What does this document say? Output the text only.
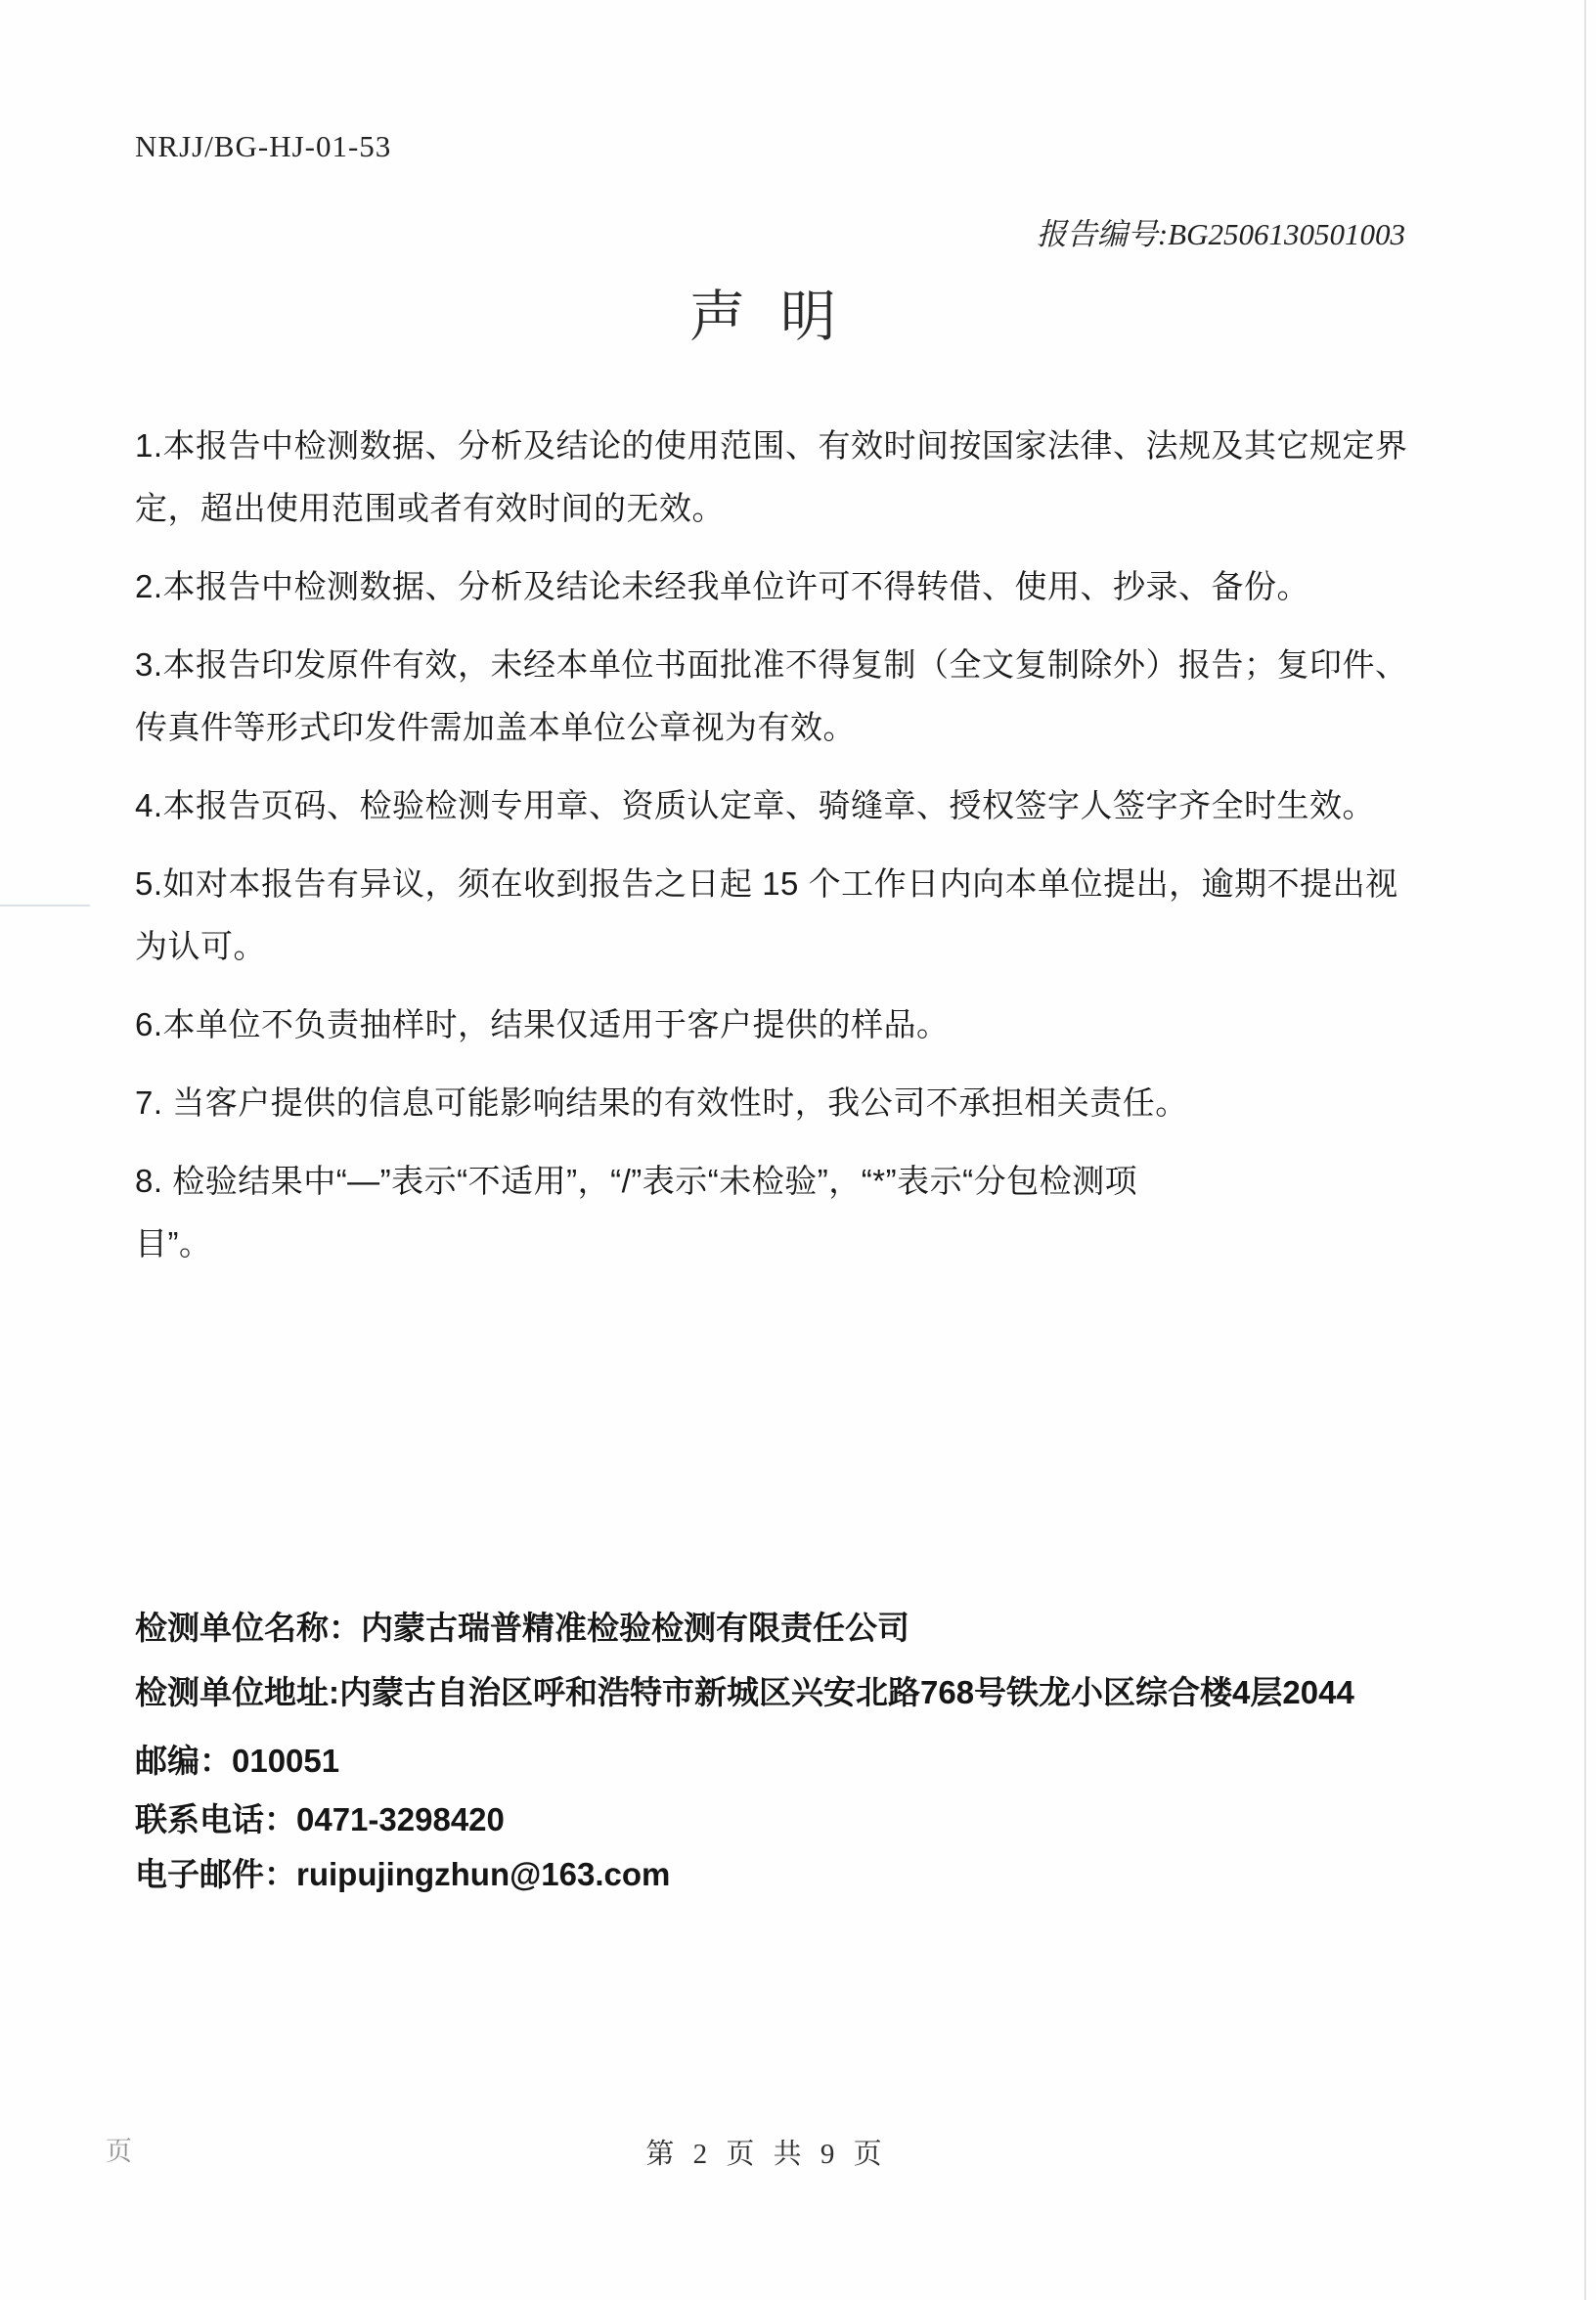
NRJJ/BG-HJ-01-53
报告编号:BG2506130501003
声 明
1.本报告中检测数据、分析及结论的使用范围、有效时间按国家法律、法规及其它规定界
定，超出使用范围或者有效时间的无效。
2.本报告中检测数据、分析及结论未经我单位许可不得转借、使用、抄录、备份。
3.本报告印发原件有效，未经本单位书面批准不得复制（全文复制除外）报告；复印件、
传真件等形式印发件需加盖本单位公章视为有效。
4.本报告页码、检验检测专用章、资质认定章、骑缝章、授权签字人签字齐全时生效。
5.如对本报告有异议，须在收到报告之日起 15 个工作日内向本单位提出，逾期不提出视
为认可。
6.本单位不负责抽样时，结果仅适用于客户提供的样品。
7. 当客户提供的信息可能影响结果的有效性时，我公司不承担相关责任。
8. 检验结果中“—”表示“不适用”，“/”表示“未检验”，“*”表示“分包检测项
目”。
检测单位名称：内蒙古瑞普精准检验检测有限责任公司
检测单位地址:内蒙古自治区呼和浩特市新城区兴安北路768号铁龙小区综合楼4层2044
邮编：010051
联系电话：0471-3298420
电子邮件：ruipujingzhun@163.com
第 2 页 共 9 页
页
